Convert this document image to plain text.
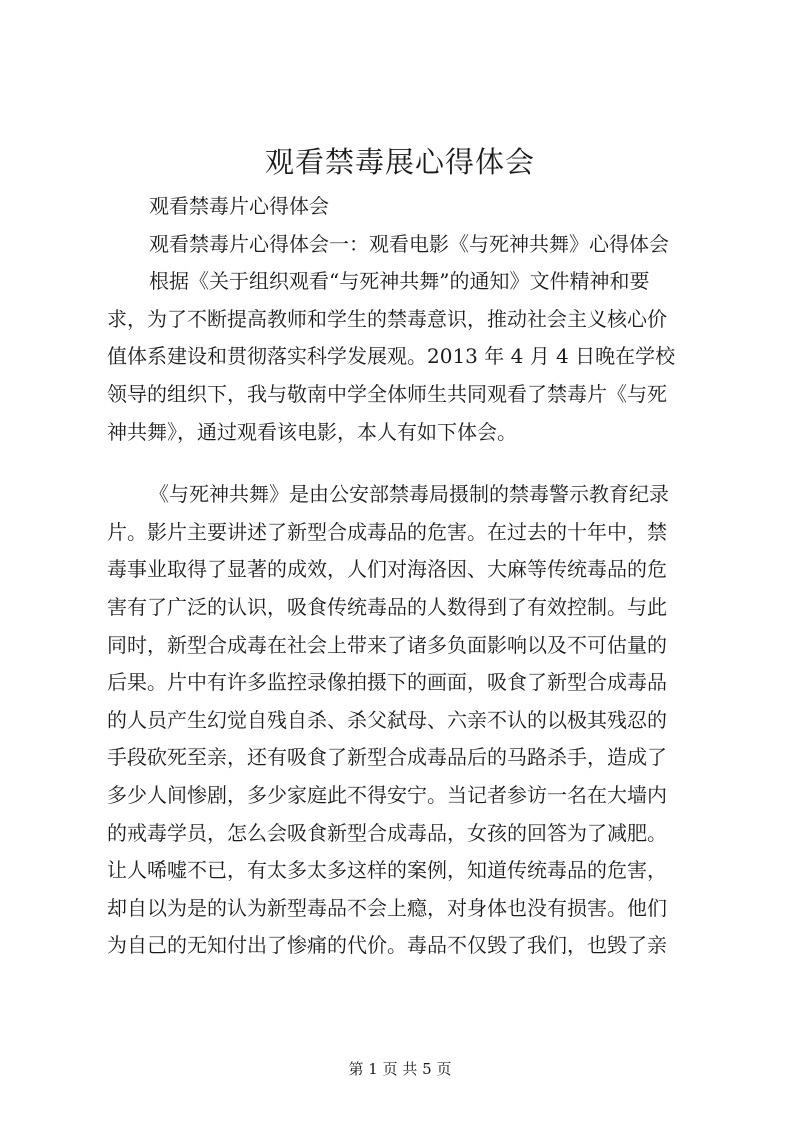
观看禁毒展心得体会
观看禁毒片心得体会
观看禁毒片心得体会一：观看电影《与死神共舞》心得体会
根据《关于组织观看“与死神共舞”的通知》文件精神和要
求，为了不断提高教师和学生的禁毒意识，推动社会主义核心价
值体系建设和贯彻落实科学发展观。2013 年 4 月 4 日晚在学校
领导的组织下，我与敬南中学全体师生共同观看了禁毒片《与死
神共舞》，通过观看该电影，本人有如下体会。
《与死神共舞》是由公安部禁毒局摄制的禁毒警示教育纪录
片。影片主要讲述了新型合成毒品的危害。在过去的十年中，禁
毒事业取得了显著的成效，人们对海洛因、大麻等传统毒品的危
害有了广泛的认识，吸食传统毒品的人数得到了有效控制。与此
同时，新型合成毒在社会上带来了诸多负面影响以及不可估量的
后果。片中有许多监控录像拍摄下的画面，吸食了新型合成毒品
的人员产生幻觉自残自杀、杀父弑母、六亲不认的以极其残忍的
手段砍死至亲，还有吸食了新型合成毒品后的马路杀手，造成了
多少人间惨剧，多少家庭此不得安宁。当记者参访一名在大墙内
的戒毒学员，怎么会吸食新型合成毒品，女孩的回答为了减肥。
让人唏嘘不已，有太多太多这样的案例，知道传统毒品的危害，
却自以为是的认为新型毒品不会上瘾，对身体也没有损害。他们
为自己的无知付出了惨痛的代价。毒品不仅毁了我们，也毁了亲
第 1 页 共 5 页
